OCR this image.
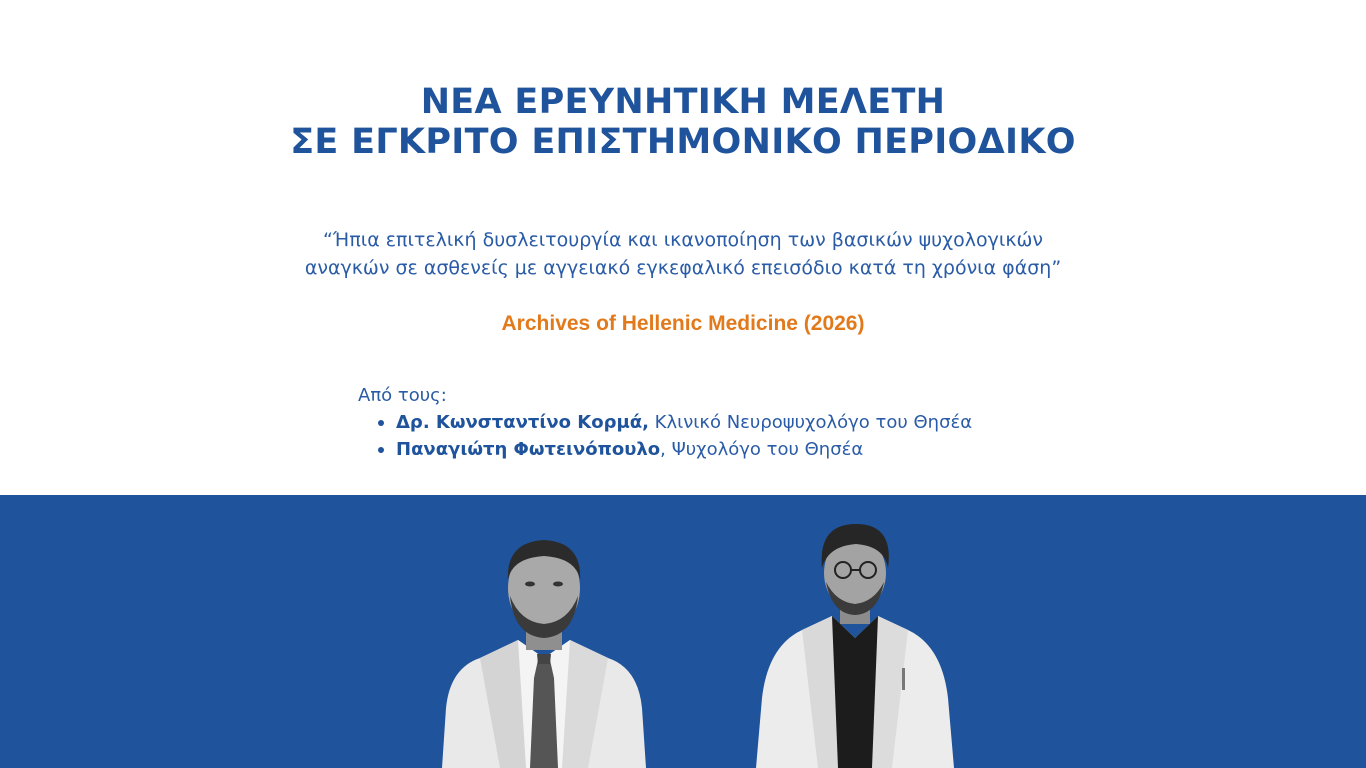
ΝΕΑ ΕΡΕΥΝΗΤΙΚΗ ΜΕΛΕΤΗ
ΣΕ ΕΓΚΡΙΤΟ ΕΠΙΣΤΗΜΟΝΙΚΟ ΠΕΡΙΟΔΙΚΟ
“Ήπια επιτελική δυσλειτουργία και ικανοποίηση των βασικών ψυχολογικών αναγκών σε ασθενείς με αγγειακό εγκεφαλικό επεισόδιο κατά τη χρόνια φάση”
Archives of Hellenic Medicine (2026)
Από τους:
Δρ. Κωνσταντίνο Κορμά, Κλινικό Νευροψυχολόγο του Θησέα
Παναγιώτη Φωτεινόπουλο, Ψυχολόγο του Θησέα
